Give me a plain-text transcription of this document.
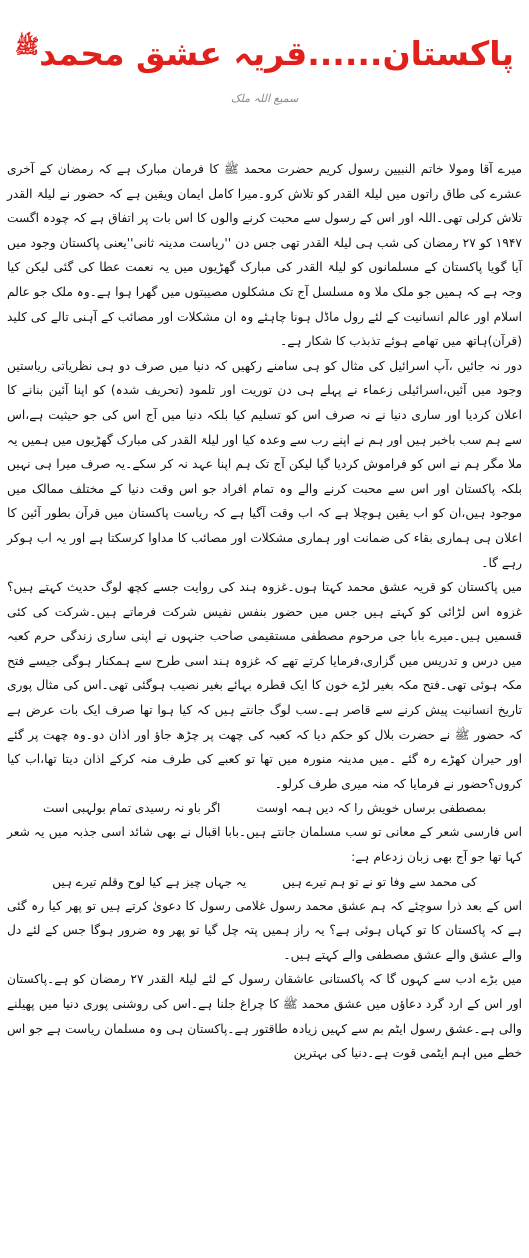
پاکستان......قریہ عشق محمد$^ﷺ$
سمیع اللہ ملک

میرے آقا ومولا خاتم النبیین رسول کریم حضرت محمد ﷺ کا فرمان مبارک ہے کہ رمضان کے آخری عشرے کی طاق راتوں میں لیلۃ القدر کو تلاش کرو۔میرا کامل ایمان ویقین ہے کہ حضور نے لیلۃ القدر تلاش کرلی تھی۔اللہ اور اس کے رسول سے محبت کرنے والوں کا اس بات پر اتفاق ہے کہ چودہ اگست ۱۹۴۷ کو ۲۷ رمضان کی شب ہی لیلۃ القدر تھی جس دن ''ریاست مدینہ ثانی''یعنی پاکستان وجود میں آیا گویا پاکستان کے مسلمانوں کو لیلۃ القدر کی مبارک گھڑیوں میں یہ نعمت عطا کی گئی لیکن کیا وجہ ہے کہ ہمیں جو ملک ملا وہ مسلسل آج تک مشکلوں مصیبتوں میں گھرا ہوا ہے۔وہ ملک جو عالم اسلام اور عالم انسانیت کے لئے رول ماڈل ہونا چاہئے وہ ان مشکلات اور مصائب کے آہنی تالے کی کلید (قرآن)ہاتھ میں تھامے ہوئے تذبذب کا شکار ہے۔

دور نہ جائیں ،آپ اسرائیل کی مثال کو ہی سامنے رکھیں کہ دنیا میں صرف دو ہی نظریاتی ریاستیں وجود میں آئیں،اسرائیلی زعماء نے پہلے ہی دن توریت اور تلمود (تحریف شدہ) کو اپنا آئین بنانے کا اعلان کردیا اور ساری دنیا نے نہ صرف اس کو تسلیم کیا بلکہ دنیا میں آج اس کی جو حیثیت ہے،اس سے ہم سب باخبر ہیں اور ہم نے اپنے رب سے وعدہ کیا اور لیلۃ القدر کی مبارک گھڑیوں میں ہمیں یہ ملا مگر ہم نے اس کو فراموش کردیا گیا لیکن آج تک ہم اپنا عہد نہ کر سکے۔یہ صرف میرا ہی نہیں بلکہ پاکستان اور اس سے محبت کرنے والے وہ تمام افراد جو اس وقت دنیا کے مختلف ممالک میں موجود ہیں،ان کو اب یقین ہوچلا ہے کہ اب وقت آگیا ہے کہ ریاست پاکستان میں قرآن بطور آئین کا اعلان ہی ہماری بقاء کی ضمانت اور ہماری مشکلات اور مصائب کا مداوا کرسکتا ہے اور یہ اب ہوکر رہے گا۔

میں پاکستان کو قریہ عشق محمد کہتا ہوں۔غزوہ ہند کی روایت جسے کچھ لوگ حدیث کہتے ہیں؟غزوہ اس لڑائی کو کہتے ہیں جس میں حضور بنفس نفیس شرکت فرماتے ہیں۔شرکت کی کئی قسمیں ہیں۔میرے بابا جی مرحوم مصطفی مستقیمی صاحب جنہوں نے اپنی ساری زندگی حرم کعبہ میں درس و تدریس میں گزاری،فرمایا کرتے تھے کہ غزوہ ہند اسی طرح سے ہمکنار ہوگی جیسے فتح مکہ ہوئی تھی۔فتح مکہ بغیر لڑے خون کا ایک قطرہ بہائے بغیر نصیب ہوگئی تھی۔اس کی مثال پوری تاریخ انسانیت پیش کرنے سے قاصر ہے۔سب لوگ جانتے ہیں کہ کیا ہوا تھا صرف ایک بات عرض ہے کہ حضور ﷺ نے حضرت بلال کو حکم دیا کہ کعبہ کی چھت پر چڑھ جاؤ اور اذان دو۔وہ چھت پر گئے اور حیران کھڑے رہ گئے ۔میں مدینہ منورہ میں تھا تو کعبے کی طرف منہ کرکے اذان دیتا تھا،اب کیا کروں؟حضور نے فرمایا کہ منہ میری طرف کرلو۔

بمصطفی برساں خویش را کہ دیں ہمہ اوست
اگر باو نہ رسیدی تمام بولہبی است

اس فارسی شعر کے معانی تو سب مسلمان جانتے ہیں۔بابا اقبال نے بھی شائد اسی جذبہ میں یہ شعر کہا تھا جو آج بھی زبان زدعام ہے:

کی محمد سے وفا تو نے تو ہم تیرے ہیں
یہ جہاں چیز ہے کیا لوح وقلم تیرے ہیں

اس کے بعد ذرا سوچئے کہ ہم عشق محمد رسول غلامی رسول کا دعویٰ کرتے ہیں تو پھر کیا رہ گئی ہے کہ پاکستان کا تو کہاں ہوئی ہے؟ یہ راز ہمیں پتہ چل گیا تو پھر وہ ضرور ہوگا جس کے لئے دل والے عشق والے عشق مصطفی والے کہتے ہیں۔

میں بڑے ادب سے کہوں گا کہ پاکستانی عاشقان رسول کے لئے لیلۃ القدر ۲۷ رمضان کو ہے۔پاکستان اور اس کے ارد گرد دعاؤں میں عشق محمد ﷺ کا چراغ جلنا ہے۔اس کی روشنی پوری دنیا میں پھیلنے والی ہے۔عشق رسول ایٹم بم سے کہیں زیادہ طاقتور ہے۔پاکستان ہی وہ مسلمان ریاست ہے جو اس خطے میں اہم ایٹمی قوت ہے۔دنیا کی بہترین
